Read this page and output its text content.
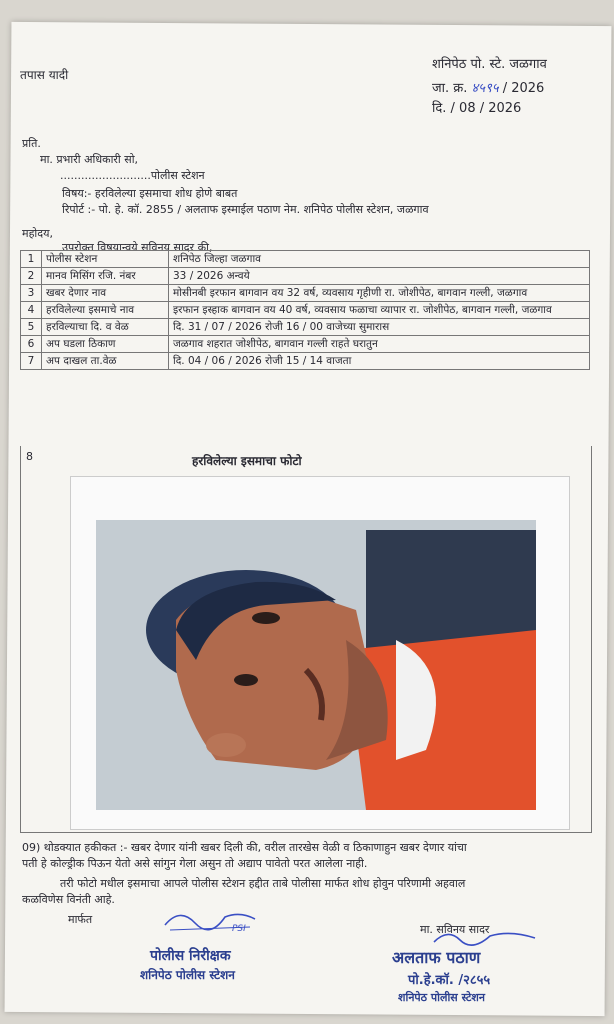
तपास यादी
शनिपेठ पो. स्टे. जळगाव
जा. क्र. ४५९५ / 2026
दि. / 08 / 2026
प्रति.
मा. प्रभारी अधिकारी सो,
..........................पोलीस स्टेशन
विषय:- हरविलेल्या इसमाचा शोध होणे बाबत
रिपोर्ट :- पो. हे. कॉ. 2855 / अलताफ इस्माईल पठाण नेम. शनिपेठ पोलीस स्टेशन, जळगाव
महोदय,
उपरोक्त विषयान्वये सविनय सादर की,
1	पोलीस स्टेशन	शनिपेठ जिल्हा जळगाव
2	मानव मिसिंग रजि. नंबर	33 / 2026 अन्वये
3	खबर देणार नाव	मोसीनबी इरफान बागवान वय 32 वर्ष, व्यवसाय गृहीणी रा. जोशीपेठ, बागवान गल्ली, जळगाव
4	हरविलेल्या इसमाचे नाव	इरफान इस्हाक बागवान वय 40 वर्ष, व्यवसाय फळाचा व्यापार रा. जोशीपेठ, बागवान गल्ली, जळगाव
5	हरविल्याचा दि. व वेळ	दि. 31 / 07 / 2026 रोजी 16 / 00 वाजेच्या सुमारास
6	अप घडला ठिकाण	जळगाव शहरात जोशीपेठ, बागवान गल्ली राहते घरातुन
7	अप दाखल ता.वेळ	दि. 04 / 06 / 2026 रोजी 15 / 14 वाजता
8	हरविलेल्या इसमाचा फोटो
09) थोडक्यात हकीकत :- खबर देणार यांनी खबर दिली की, वरील तारखेस वेळी व ठिकाणाहुन खबर देणार यांचा
पती हे कोल्ड्रीक पिऊन येतो असे सांगुन गेला असुन तो अद्याप पावेतो परत आलेला नाही.
तरी फोटो मधील इसमाचा आपले पोलीस स्टेशन हद्दीत ताबे पोलीसा मार्फत शोध होवुन परिणामी अहवाल
कळविणेस विनंती आहे.
मार्फत
PSI
पोलीस निरीक्षक
शनिपेठ पोलीस स्टेशन
मा. सविनय सादर
अलताफ पठाण
पो.हे.कॉ. /२८५५
शनिपेठ पोलीस स्टेशन
